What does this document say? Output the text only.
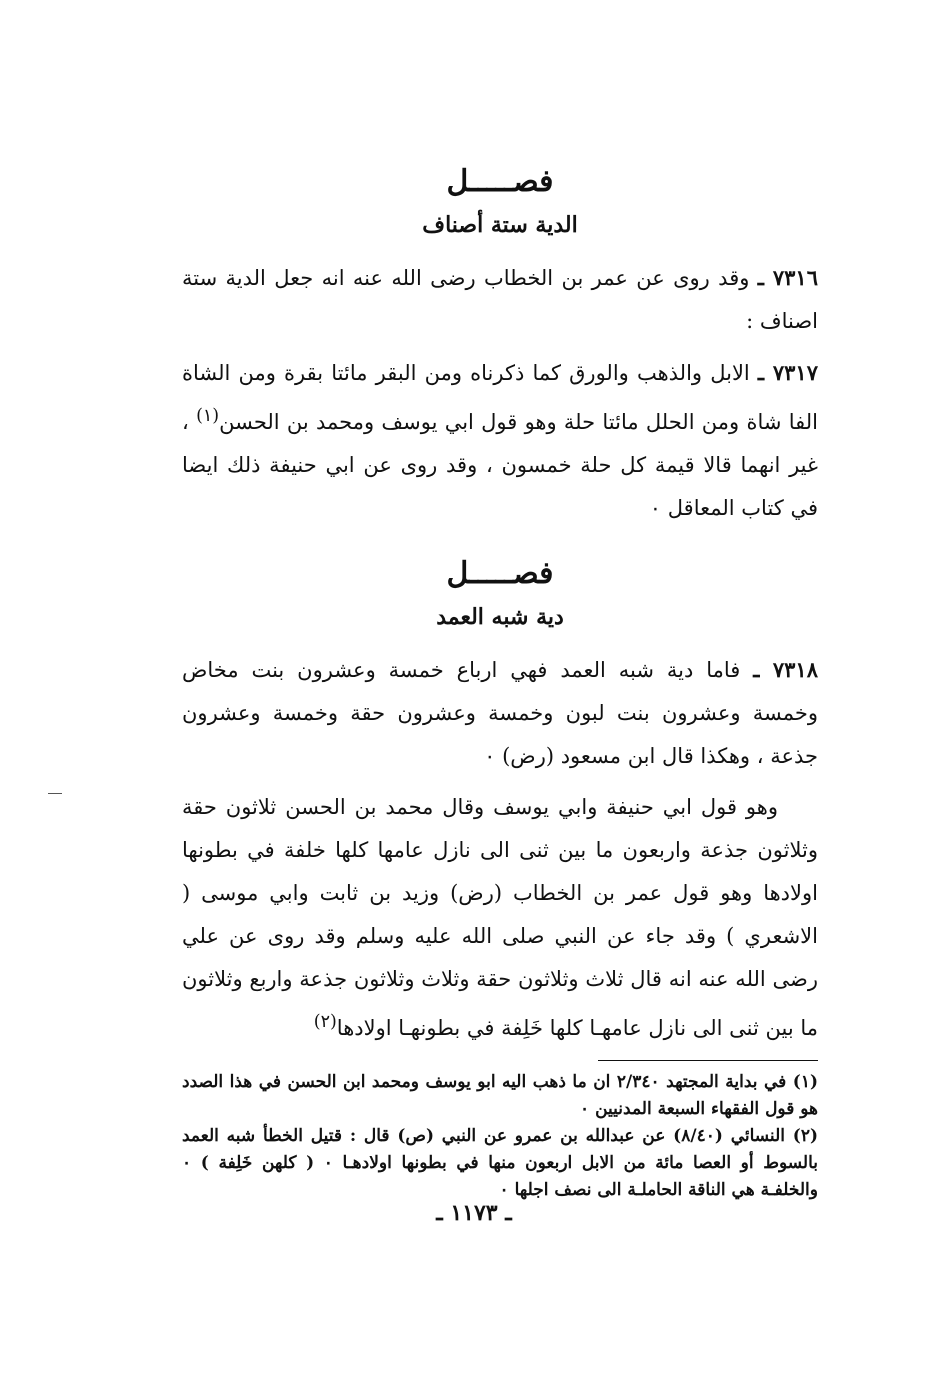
فصـــــل
الدية ستة أصناف

٧٣١٦ ـ وقد روى عن عمر بن الخطاب رضى الله عنه انه جعل الدية ستة اصناف :

٧٣١٧ ـ الابل والذهب والورق كما ذكرناه ومن البقر مائتا بقرة ومن الشاة الفا شاة ومن الحلل مائتا حلة وهو قول ابي يوسف ومحمد بن الحسن$^{(١)}$ ، غير انهما قالا قيمة كل حلة خمسون ، وقد روى عن ابي حنيفة ذلك ايضا في كتاب المعاقل ٠

فصـــــل
دية شبه العمد

٧٣١٨ ـ فاما دية شبه العمد فهي ارباع خمسة وعشرون بنت مخاض وخمسة وعشرون بنت لبون وخمسة وعشرون حقة وخمسة وعشرون جذعة ، وهكذا قال ابن مسعود (رض) ٠

وهو قول ابي حنيفة وابي يوسف وقال محمد بن الحسن ثلاثون حقة وثلاثون جذعة واربعون ما بين ثنى الى نازل عامها كلها خلفة في بطونها اولادها وهو قول عمر بن الخطاب (رض) وزيد بن ثابت وابي موسى ( الاشعري ) وقد جاء عن النبي صلى الله عليه وسلم وقد روى عن علي رضى الله عنه انه قال ثلاث وثلاثون حقة وثلاث وثلاثون جذعة واربع وثلاثون ما بين ثنى الى نازل عامهـا كلها خَلِفة في بطونهـا اولادها$^{(٢)}$

(١) في بداية المجتهد ٢/٣٤٠ ان ما ذهب اليه ابو يوسف ومحمد ابن الحسن في هذا الصدد هو قول الفقهاء السبعة المدنيين ٠

(٢) النسائي (٨/٤٠) عن عبدالله بن عمرو عن النبي (ص) قال : قتيل الخطأ شبه العمد بالسوط أو العصا مائة من الابل اربعون منها في بطونها اولادهـا ٠ ( كلهن خَلِفة ) ٠ والخلفـة هي الناقة الحاملـة الى نصف اجلها ٠

ـ ١١٧٣ ـ
